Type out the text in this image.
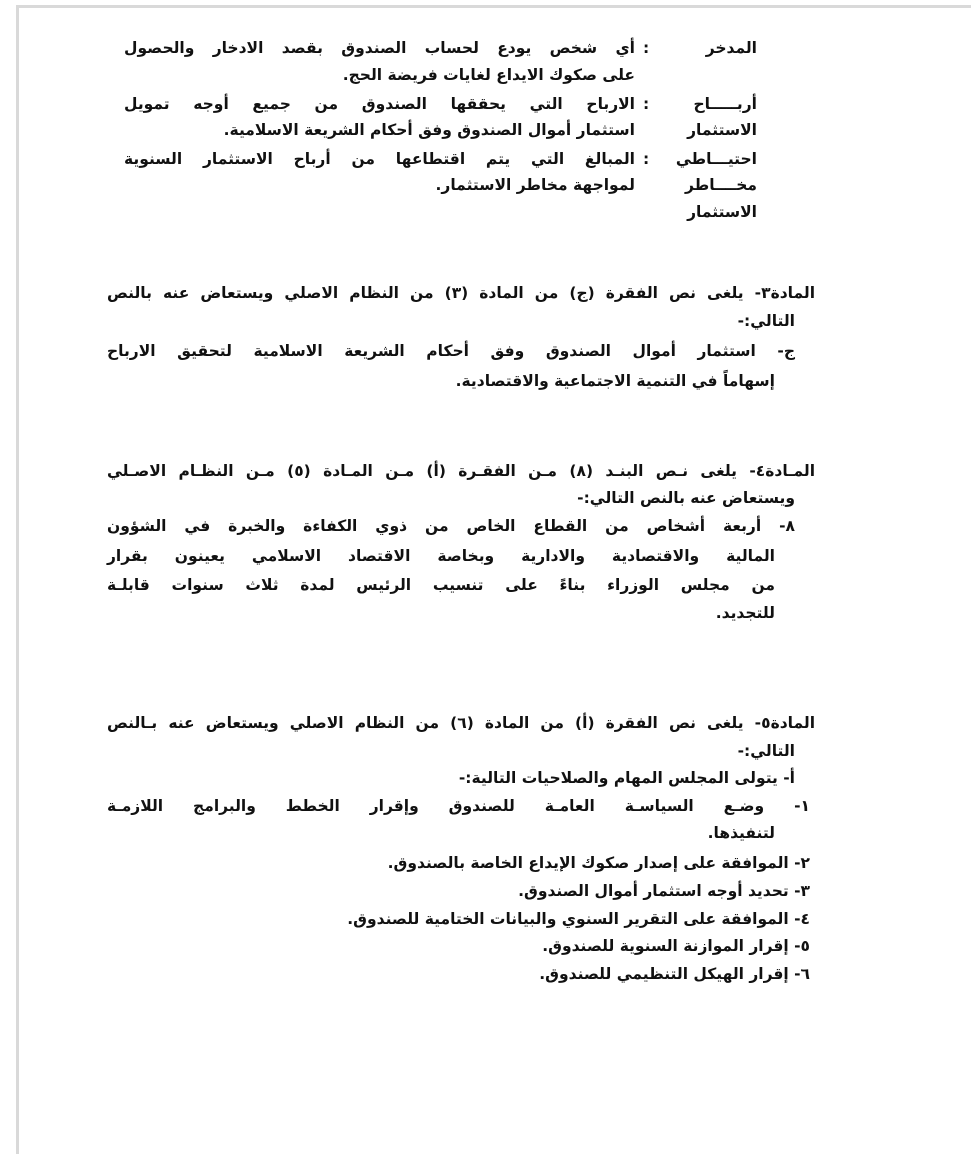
المدخر
:
أي شخص يودع لحساب الصندوق بقصد الادخار والحصول
على صكوك الايداع لغايات فريضة الحج.
أربـــــاح
الاستثمار
:
الارباح التي يحققها الصندوق من جميع أوجه تمويل
استثمار أموال الصندوق وفق أحكام الشريعة الاسلامية.
احتيـــاطي
مخــــاطر
الاستثمار
:
المبالغ التي يتم اقتطاعها من أرباح الاستثمار السنوية
لمواجهة مخاطر الاستثمار.
المادة٣- يلغى نص الفقرة (ج) من المادة (٣) من النظام الاصلي ويستعاض عنه بالنص
التالي:-
ج- استثمار أموال الصندوق وفق أحكام الشريعة الاسلامية لتحقيق الارباح
إسهاماً في التنمية الاجتماعية والاقتصادية.
المـادة٤- يلغى نـص البنـد (٨) مـن الفقـرة (أ) مـن المـادة (٥) مـن النظـام الاصـلي
ويستعاض عنه بالنص التالي:-
٨- أربعة أشخاص من القطاع الخاص من ذوي الكفاءة والخبرة في الشؤون
المالية والاقتصادية والادارية وبخاصة الاقتصاد الاسلامي يعينون بقرار
من مجلس الوزراء بناءً على تنسيب الرئيس لمدة ثلاث سنوات قابلـة
للتجديد.
المادة٥- يلغى نص الفقرة (أ) من المادة (٦) من النظام الاصلي ويستعاض عنه بـالنص
التالي:-
أ- يتولى المجلس المهام والصلاحيات التالية:-
١- وضـع السياسـة العامـة للصندوق وإقرار الخطط والبرامج اللازمـة
لتنفيذها.
٢- الموافقة على إصدار صكوك الإيداع الخاصة بالصندوق.
٣- تحديد أوجه استثمار أموال الصندوق.
٤- الموافقة على التقرير السنوي والبيانات الختامية للصندوق.
٥- إقرار الموازنة السنوية للصندوق.
٦- إقرار الهيكل التنظيمي للصندوق.
